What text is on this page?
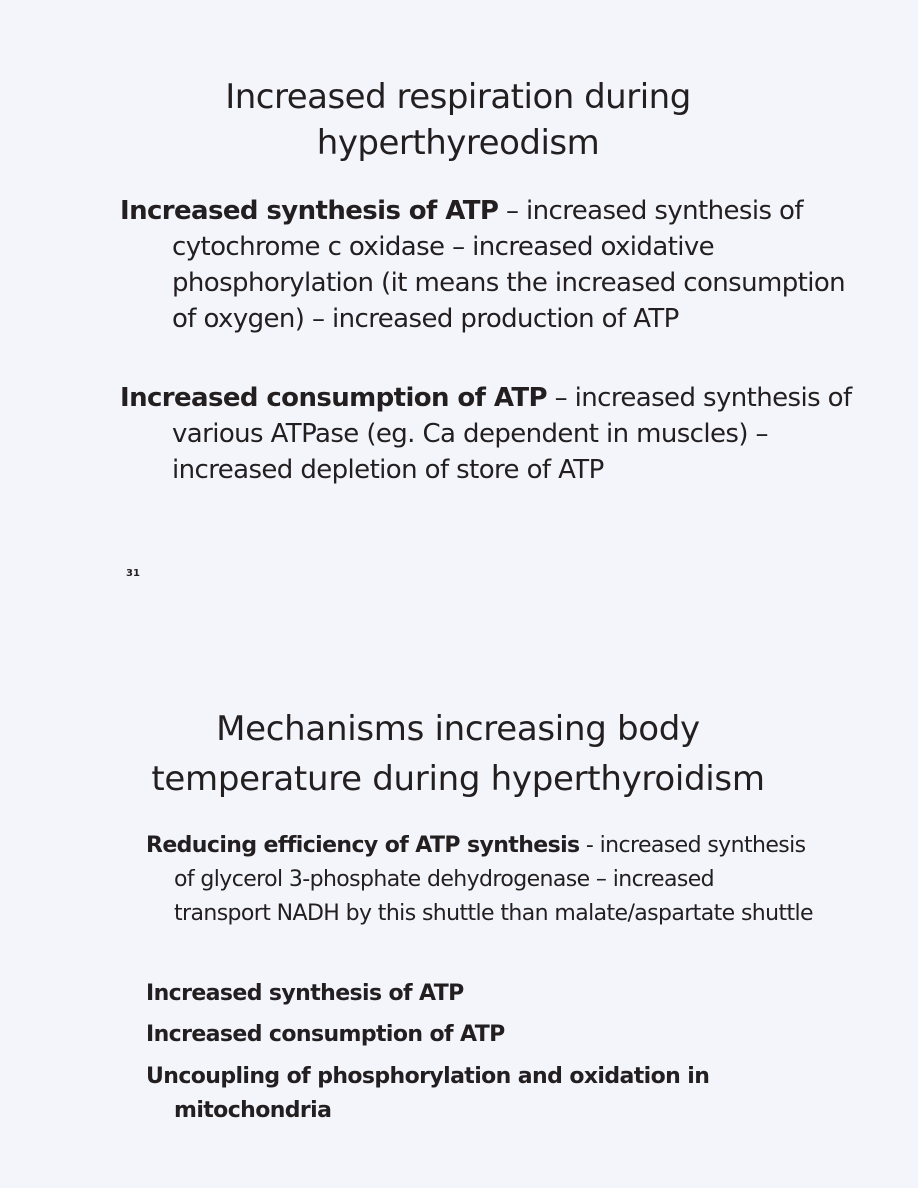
Increased respiration during
hyperthyreodism

Increased synthesis of ATP – increased synthesis of cytochrome c oxidase – increased oxidative phosphorylation (it means the increased consumption of oxygen) – increased production of ATP

Increased consumption of ATP – increased synthesis of various ATPase (eg. Ca dependent in muscles) – increased depletion of store of ATP

31
Mechanisms increasing body
temperature during hyperthyroidism

Reducing efficiency of ATP synthesis - increased synthesis of glycerol 3-phosphate dehydrogenase – increased transport NADH by this shuttle than malate/aspartate shuttle

Increased synthesis of ATP

Increased consumption of ATP

Uncoupling of phosphorylation and oxidation in mitochondria
